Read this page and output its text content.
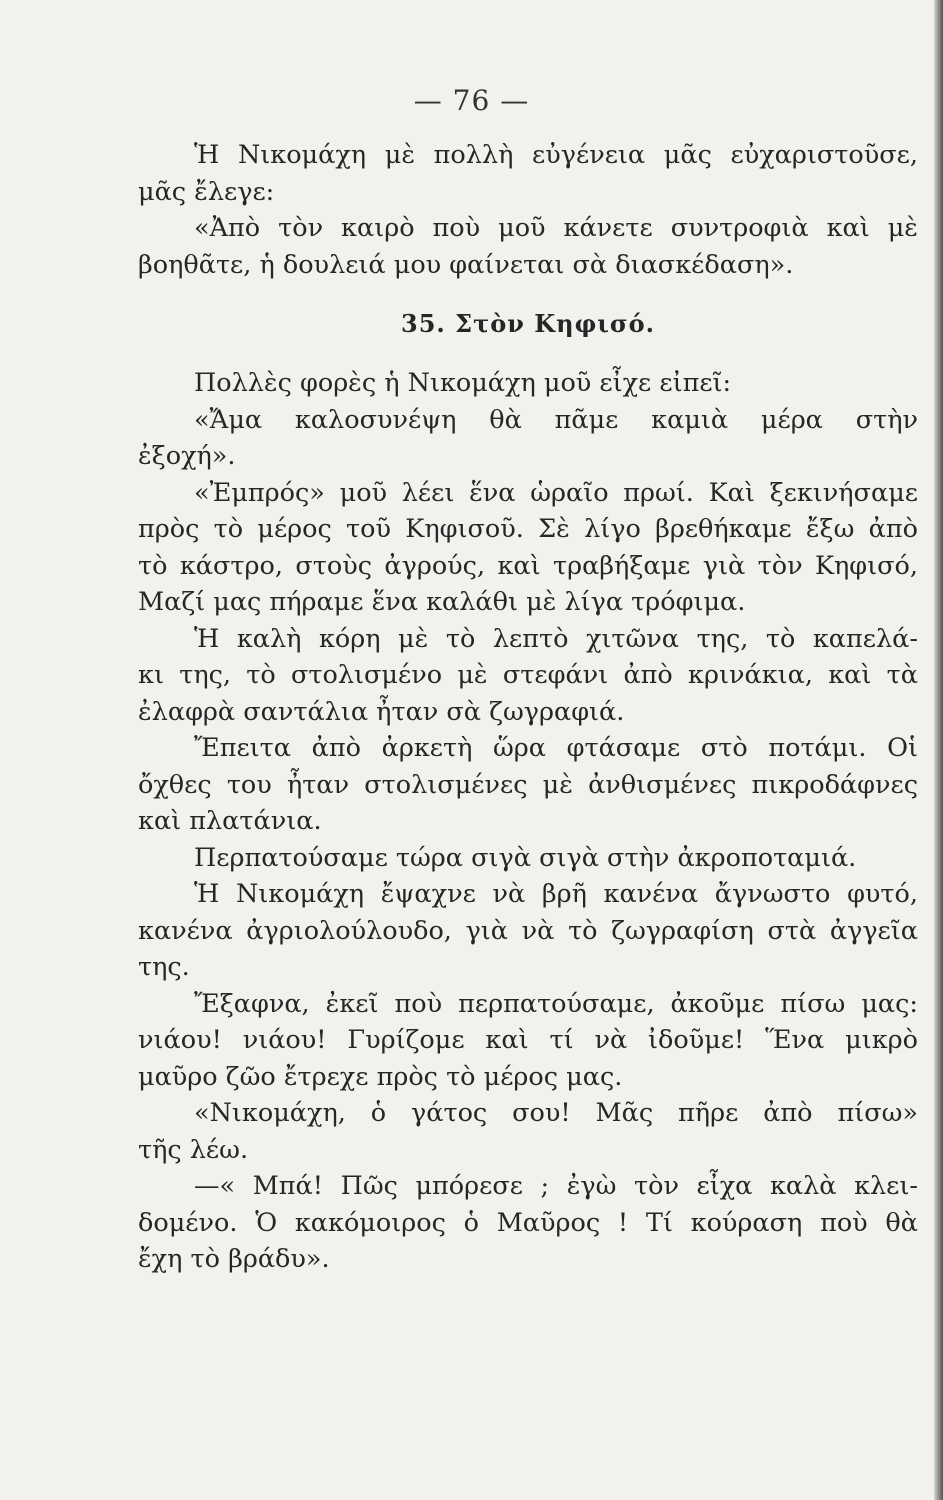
— 76 —
Ἡ Νικομάχη μὲ πολλὴ εὐγένεια μᾶς εὐχαριστοῦσε,
μᾶς ἔλεγε:
«Ἀπὸ τὸν καιρὸ ποὺ μοῦ κάνετε συντροφιὰ καὶ μὲ
βοηθᾶτε, ἡ δουλειά μου φαίνεται σὰ διασκέδαση».
35. Στὸν Κηφισό.
Πολλὲς φορὲς ἡ Νικομάχη μοῦ εἶχε εἰπεῖ:
«Ἄμα καλοσυνέψη θὰ πᾶμε καμιὰ μέρα στὴν
ἐξοχή».
«Ἐμπρός» μοῦ λέει ἕνα ὡραῖο πρωί. Καὶ ξεκινήσαμε
πρὸς τὸ μέρος τοῦ Κηφισοῦ. Σὲ λίγο βρεθήκαμε ἔξω ἀπὸ
τὸ κάστρο, στοὺς ἀγρούς, καὶ τραβήξαμε γιὰ τὸν Κηφισό,
Μαζί μας πήραμε ἕνα καλάθι μὲ λίγα τρόφιμα.
Ἡ καλὴ κόρη μὲ τὸ λεπτὸ χιτῶνα της, τὸ καπελά-
κι της, τὸ στολισμένο μὲ στεφάνι ἀπὸ κρινάκια, καὶ τὰ
ἐλαφρὰ σαντάλια ἦταν σὰ ζωγραφιά.
Ἔπειτα ἀπὸ ἀρκετὴ ὥρα φτάσαμε στὸ ποτάμι. Οἱ
ὄχθες του ἦταν στολισμένες μὲ ἀνθισμένες πικροδάφνες
καὶ πλατάνια.
Περπατούσαμε τώρα σιγὰ σιγὰ στὴν ἀκροποταμιά.
Ἡ Νικομάχη ἔψαχνε νὰ βρῆ κανένα ἄγνωστο φυτό,
κανένα ἀγριολούλουδο, γιὰ νὰ τὸ ζωγραφίση στὰ ἀγγεῖα
της.
Ἔξαφνα, ἐκεῖ ποὺ περπατούσαμε, ἀκοῦμε πίσω μας:
νιάου! νιάου! Γυρίζομε καὶ τί νὰ ἰδοῦμε! Ἕνα μικρὸ
μαῦρο ζῶο ἔτρεχε πρὸς τὸ μέρος μας.
«Νικομάχη, ὁ γάτος σου! Μᾶς πῆρε ἀπὸ πίσω»
τῆς λέω.
—« Μπά! Πῶς μπόρεσε ; ἐγὼ τὸν εἶχα καλὰ κλει-
δομένο. Ὁ κακόμοιρος ὁ Μαῦρος ! Τί κούραση ποὺ θὰ
ἔχη τὸ βράδυ».
